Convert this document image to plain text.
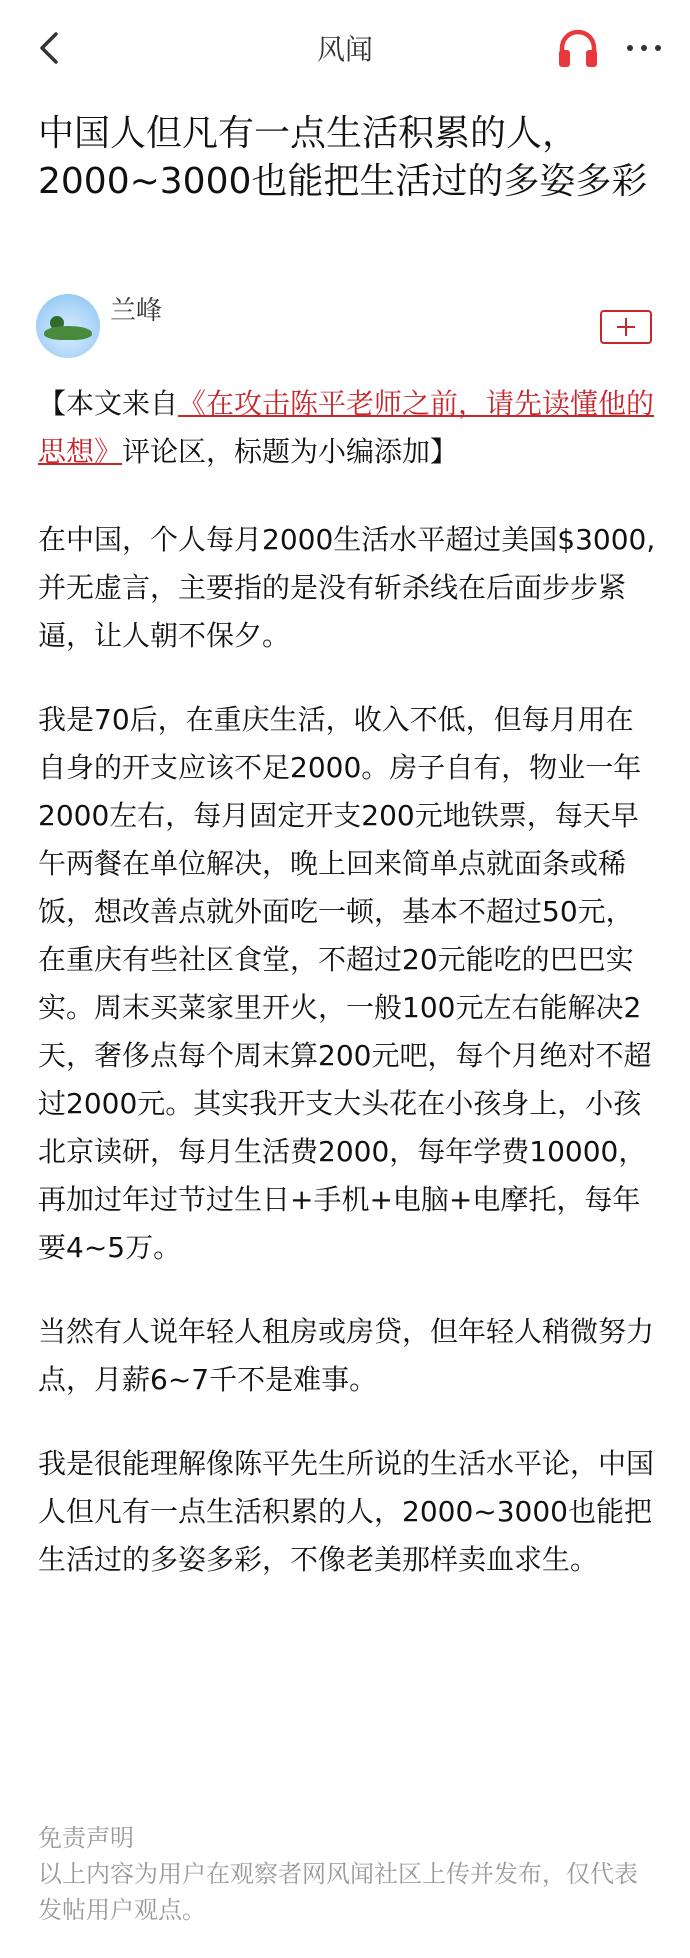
风闻
中国人但凡有一点生活积累的人，2000~3000也能把生活过的多姿多彩
兰峰

【本文来自《在攻击陈平老师之前，请先读懂他的思想》评论区，标题为小编添加】

在中国，个人每月2000生活水平超过美国$3000,并无虚言，主要指的是没有斩杀线在后面步步紧逼，让人朝不保夕。

我是70后，在重庆生活，收入不低，但每月用在自身的开支应该不足2000。房子自有，物业一年2000左右，每月固定开支200元地铁票，每天早午两餐在单位解决，晚上回来简单点就面条或稀饭，想改善点就外面吃一顿，基本不超过50元，在重庆有些社区食堂，不超过20元能吃的巴巴实实。周末买菜家里开火，一般100元左右能解决2天，奢侈点每个周末算200元吧，每个月绝对不超过2000元。其实我开支大头花在小孩身上，小孩北京读研，每月生活费2000，每年学费10000，再加过年过节过生日+手机+电脑+电摩托，每年要4~5万。

当然有人说年轻人租房或房贷，但年轻人稍微努力点，月薪6~7千不是难事。

我是很能理解像陈平先生所说的生活水平论，中国人但凡有一点生活积累的人，2000~3000也能把生活过的多姿多彩，不像老美那样卖血求生。

免责声明
以上内容为用户在观察者网风闻社区上传并发布，仅代表发帖用户观点。
